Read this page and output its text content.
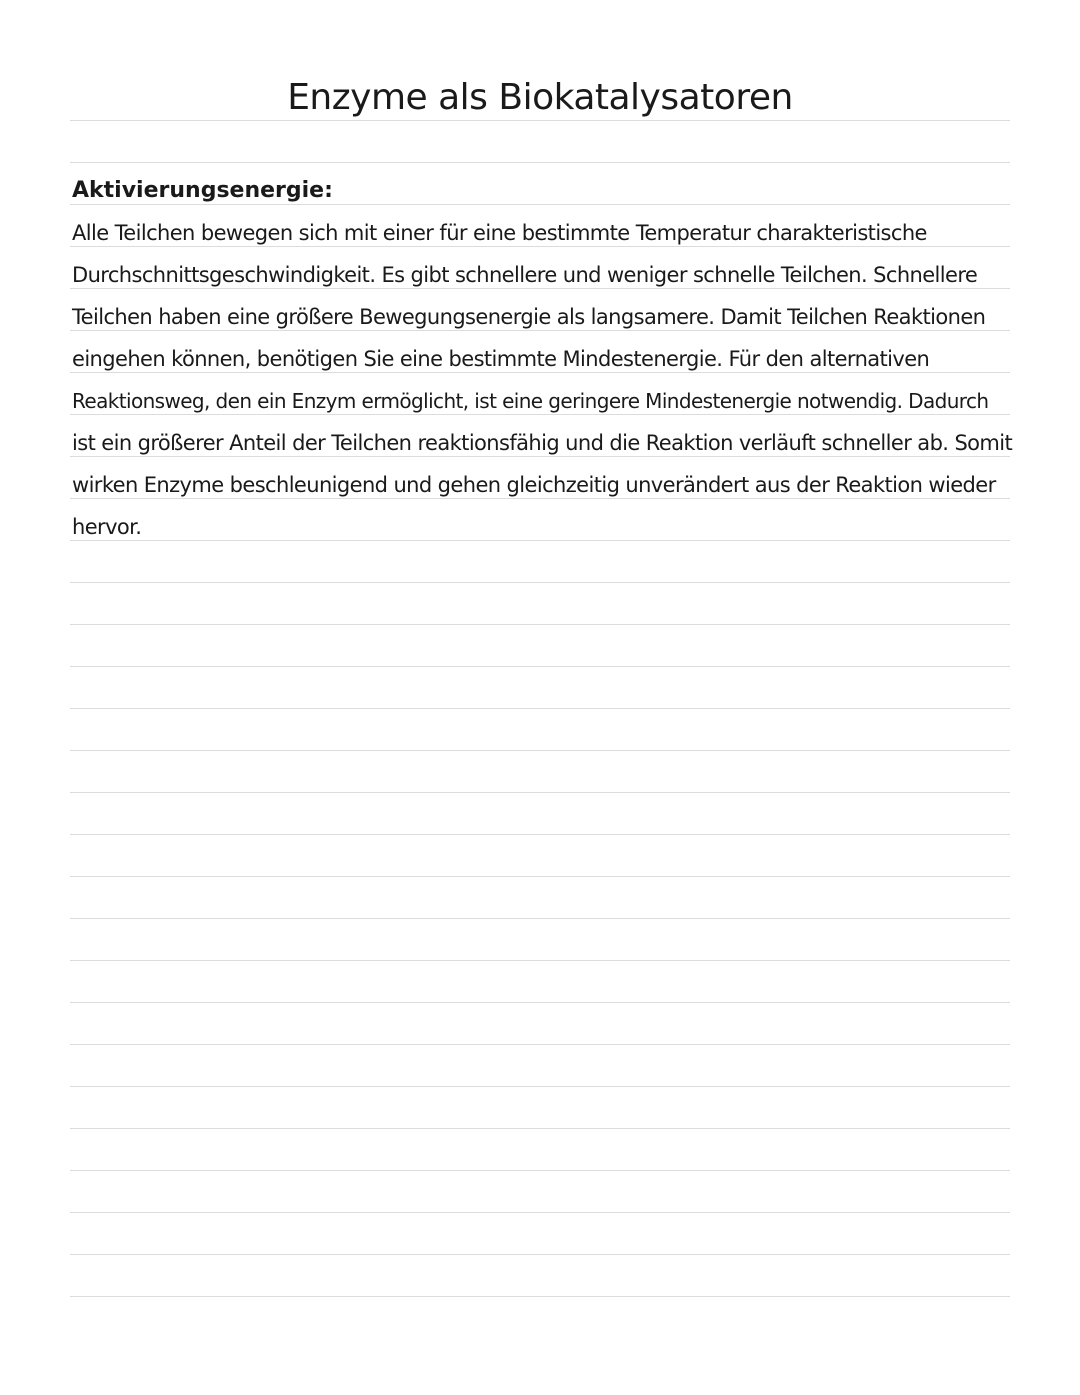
Enzyme als Biokatalysatoren
Aktivierungsenergie:

Alle Teilchen bewegen sich mit einer für eine bestimmte Temperatur charakteristische

Durchschnittsgeschwindigkeit. Es gibt schnellere und weniger schnelle Teilchen. Schnellere

Teilchen haben eine größere Bewegungsenergie als langsamere. Damit Teilchen Reaktionen

eingehen können, benötigen Sie eine bestimmte Mindestenergie. Für den alternativen

Reaktionsweg, den ein Enzym ermöglicht, ist eine geringere Mindestenergie notwendig. Dadurch

ist ein größerer Anteil der Teilchen reaktionsfähig und die Reaktion verläuft schneller ab. Somit

wirken Enzyme beschleunigend und gehen gleichzeitig unverändert aus der Reaktion wieder

hervor.
